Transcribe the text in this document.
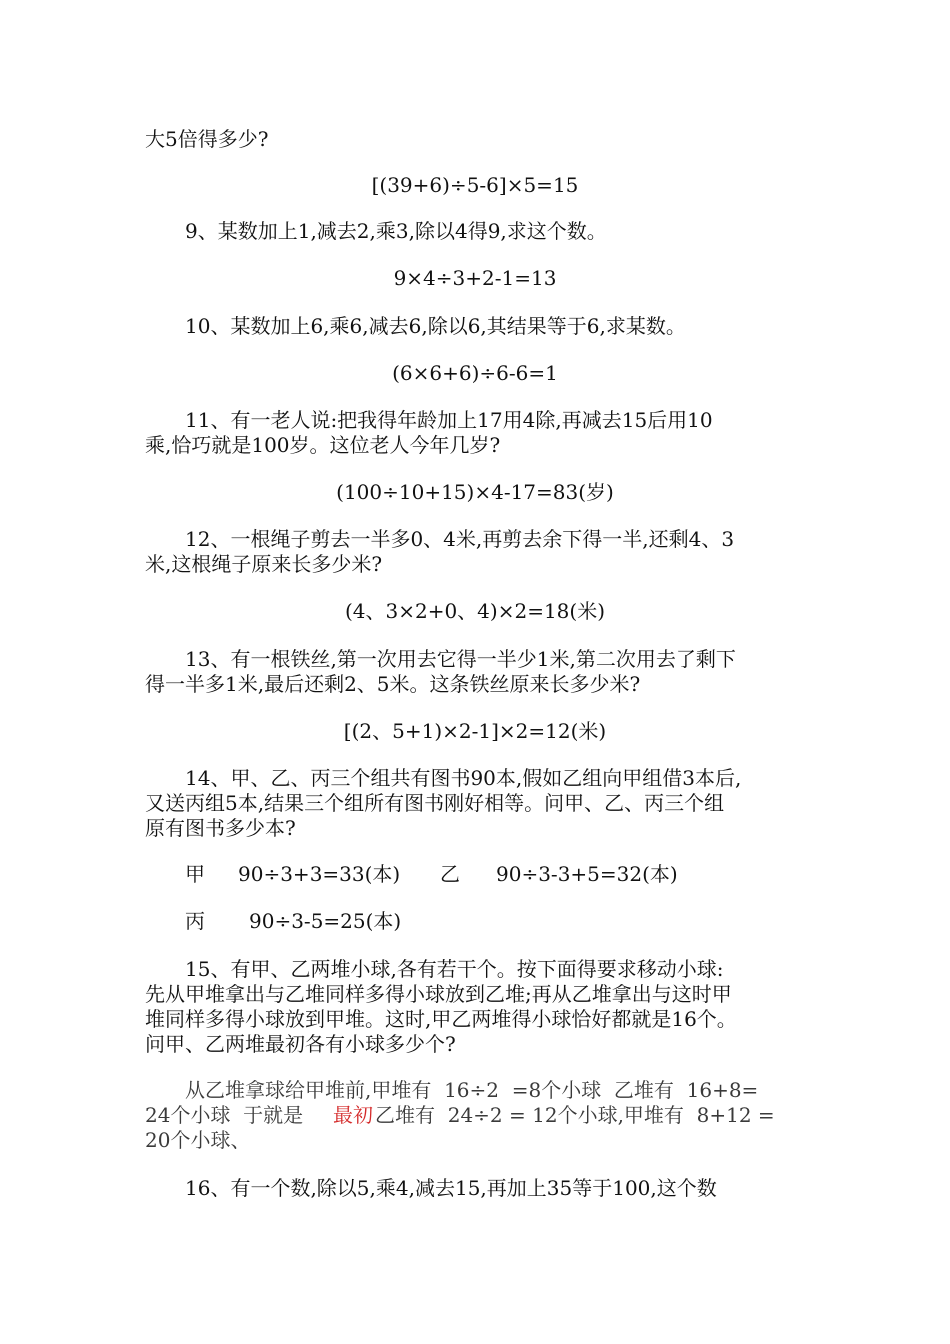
大5倍得多少?
[(39+6)÷5-6]×5=15
9、某数加上1,减去2,乘3,除以4得9,求这个数。
9×4÷3+2-1=13
10、某数加上6,乘6,减去6,除以6,其结果等于6,求某数。
(6×6+6)÷6-6=1
11、有一老人说:把我得年龄加上17用4除,再减去15后用10
乘,恰巧就是100岁。这位老人今年几岁?
(100÷10+15)×4-17=83(岁)
12、一根绳子剪去一半多0、4米,再剪去余下得一半,还剩4、3
米,这根绳子原来长多少米?
(4、3×2+0、4)×2=18(米)
13、有一根铁丝,第一次用去它得一半少1米,第二次用去了剩下
得一半多1米,最后还剩2、5米。这条铁丝原来长多少米?
[(2、5+1)×2-1]×2=12(米)
14、甲、乙、丙三个组共有图书90本,假如乙组向甲组借3本后,
又送丙组5本,结果三个组所有图书刚好相等。问甲、乙、丙三个组
原有图书多少本?
甲 90÷3+3=33(本) 乙 90÷3-3+5=32(本)
丙 90÷3-5=25(本)
15、有甲、乙两堆小球,各有若干个。按下面得要求移动小球:
先从甲堆拿出与乙堆同样多得小球放到乙堆;再从乙堆拿出与这时甲
堆同样多得小球放到甲堆。这时,甲乙两堆得小球恰好都就是16个。
问甲、乙两堆最初各有小球多少个?
从乙堆拿球给甲堆前,甲堆有  16÷2  =8个小球  乙堆有  16+8=
24个小球  于就是 最初 乙堆有  24÷2 = 12个小球,甲堆有  8+12 =
20个小球、
16、有一个数,除以5,乘4,减去15,再加上35等于100,这个数
